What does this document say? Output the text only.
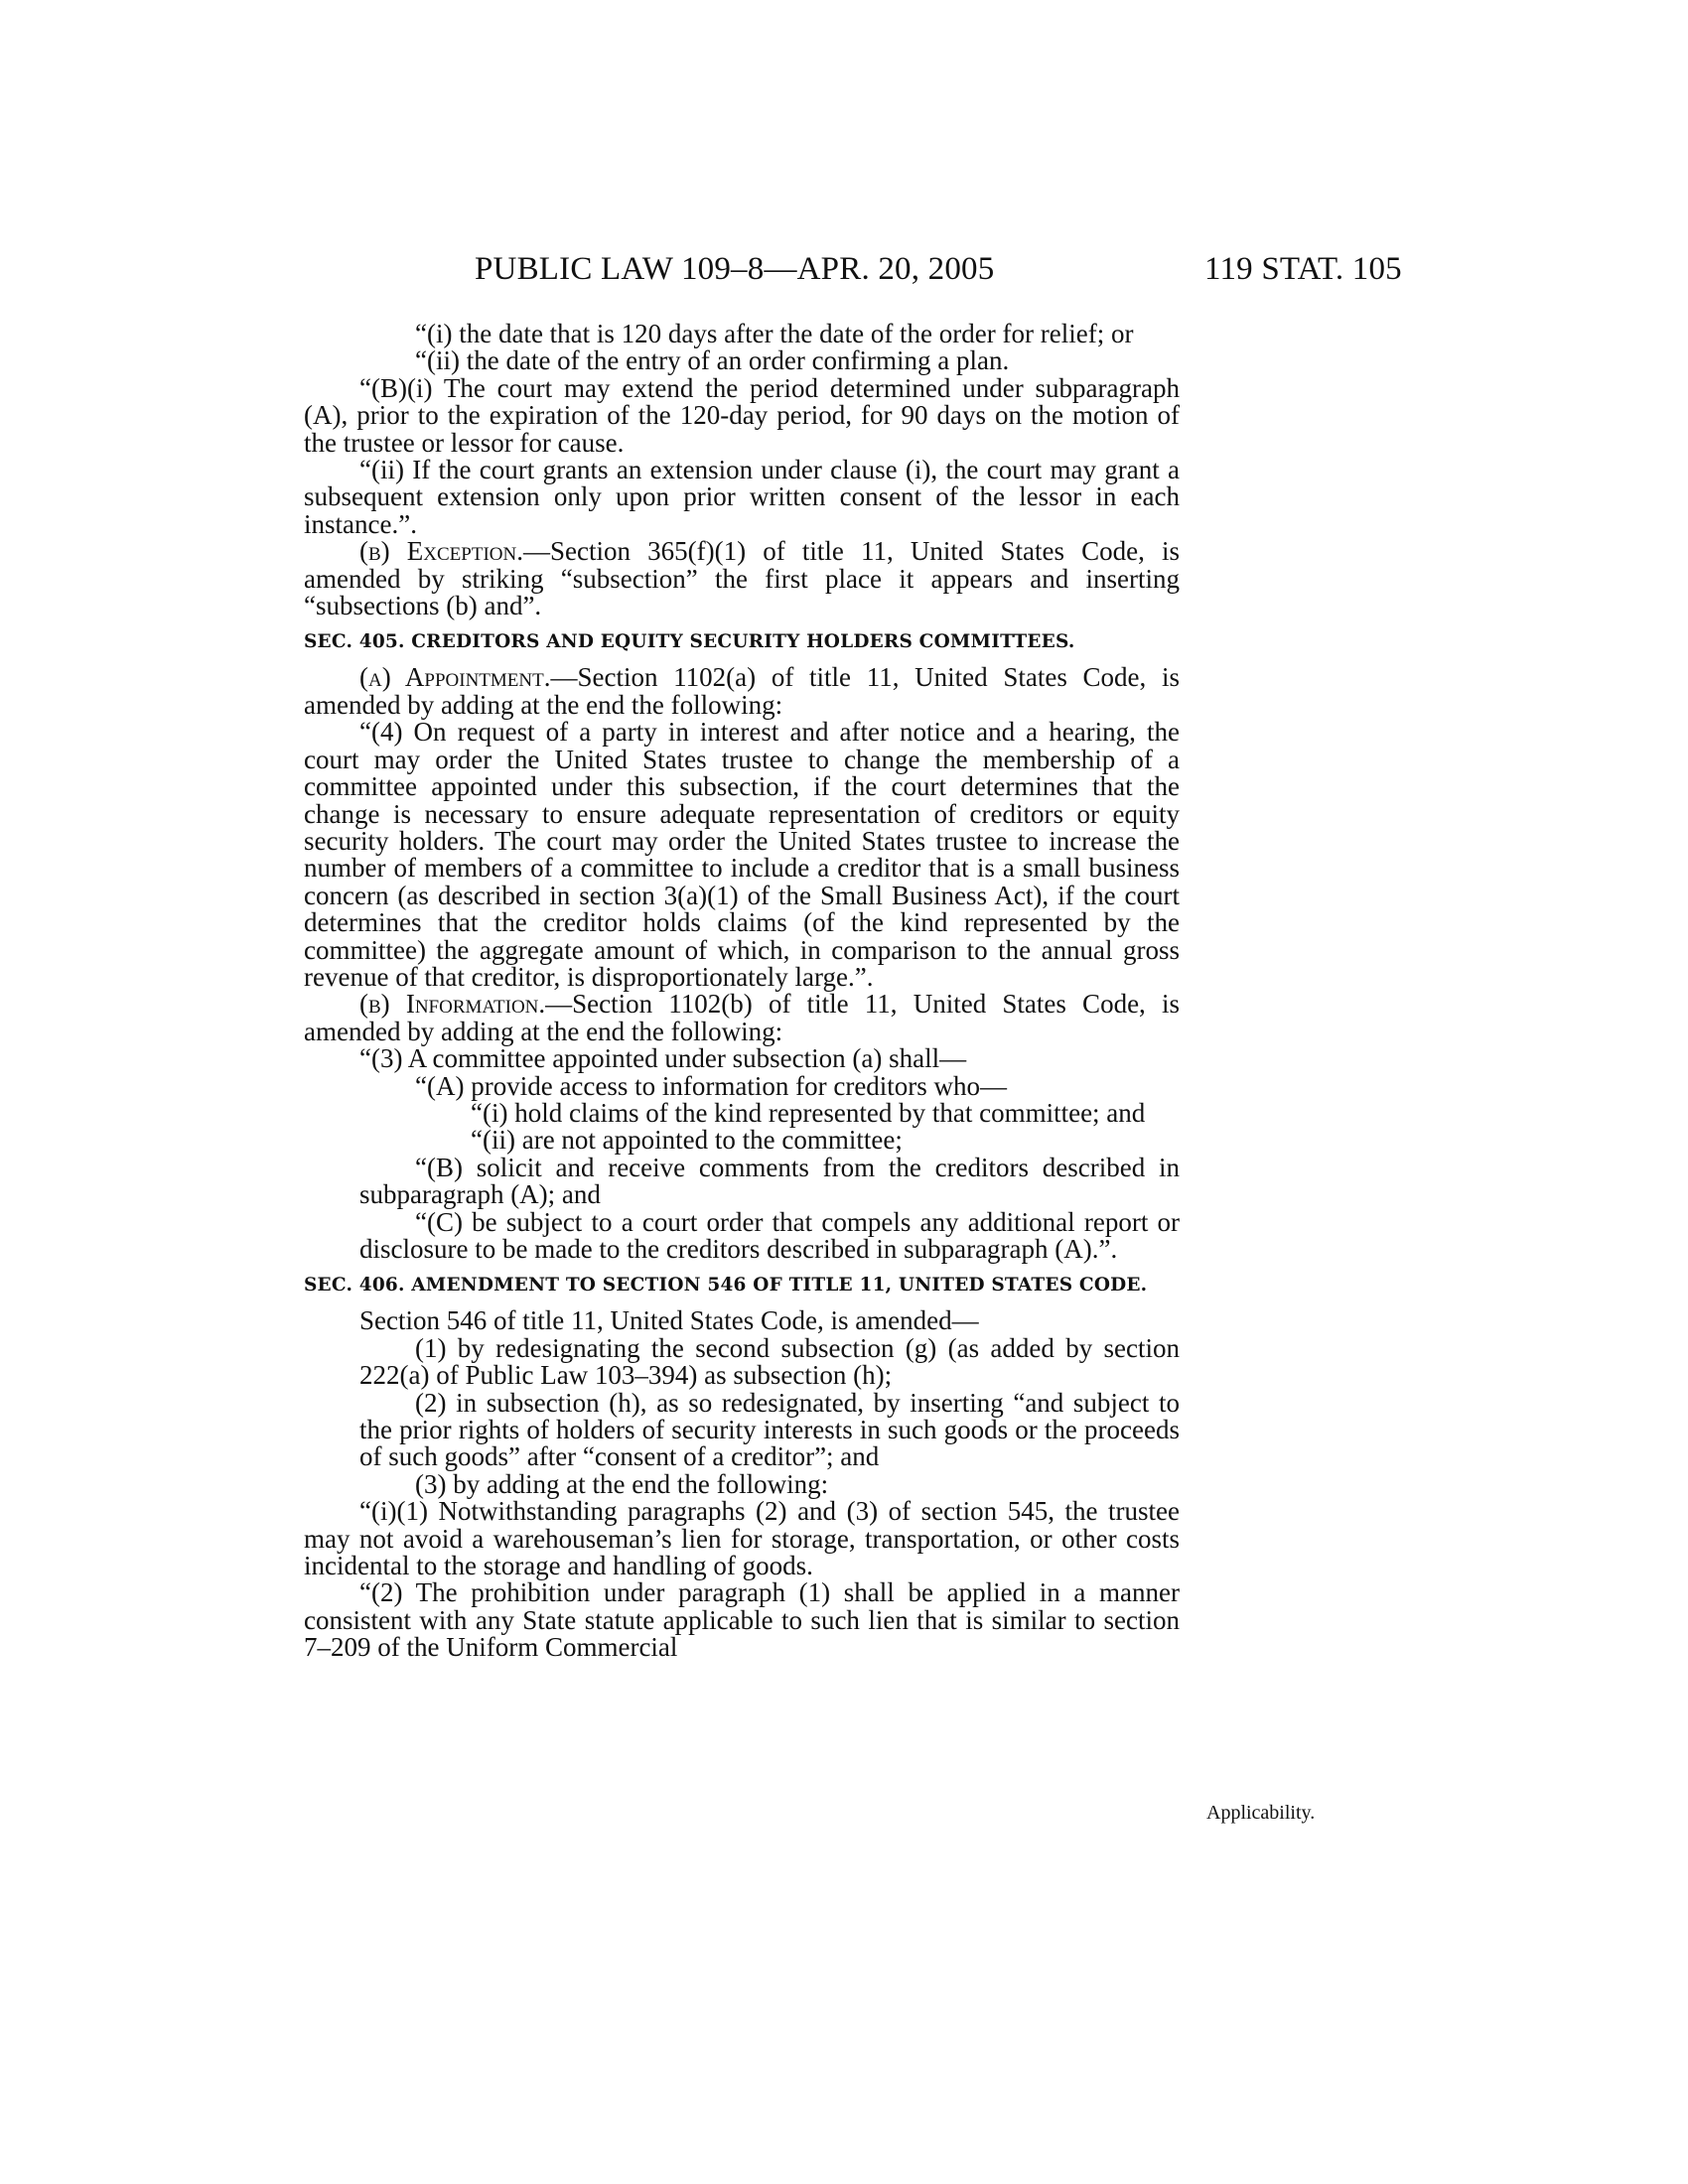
PUBLIC LAW 109–8—APR. 20, 2005	119 STAT. 105

“(i) the date that is 120 days after the date of the order for relief; or

“(ii) the date of the entry of an order confirming a plan.

“(B)(i) The court may extend the period determined under subparagraph (A), prior to the expiration of the 120-day period, for 90 days on the motion of the trustee or lessor for cause.

“(ii) If the court grants an extension under clause (i), the court may grant a subsequent extension only upon prior written consent of the lessor in each instance.”.

(b) Exception.—Section 365(f)(1) of title 11, United States Code, is amended by striking “subsection” the first place it appears and inserting “subsections (b) and”.

SEC. 405. CREDITORS AND EQUITY SECURITY HOLDERS COMMITTEES.

(a) Appointment.—Section 1102(a) of title 11, United States Code, is amended by adding at the end the following:

“(4) On request of a party in interest and after notice and a hearing, the court may order the United States trustee to change the membership of a committee appointed under this subsection, if the court determines that the change is necessary to ensure adequate representation of creditors or equity security holders. The court may order the United States trustee to increase the number of members of a committee to include a creditor that is a small business concern (as described in section 3(a)(1) of the Small Business Act), if the court determines that the creditor holds claims (of the kind represented by the committee) the aggregate amount of which, in comparison to the annual gross revenue of that creditor, is disproportionately large.”.

(b) Information.—Section 1102(b) of title 11, United States Code, is amended by adding at the end the following:

“(3) A committee appointed under subsection (a) shall—

“(A) provide access to information for creditors who—

“(i) hold claims of the kind represented by that committee; and

“(ii) are not appointed to the committee;

“(B) solicit and receive comments from the creditors described in subparagraph (A); and

“(C) be subject to a court order that compels any additional report or disclosure to be made to the creditors described in subparagraph (A).”.

SEC. 406. AMENDMENT TO SECTION 546 OF TITLE 11, UNITED STATES CODE.

Section 546 of title 11, United States Code, is amended—

(1) by redesignating the second subsection (g) (as added by section 222(a) of Public Law 103–394) as subsection (h);

(2) in subsection (h), as so redesignated, by inserting “and subject to the prior rights of holders of security interests in such goods or the proceeds of such goods” after “consent of a creditor”; and

(3) by adding at the end the following:

“(i)(1) Notwithstanding paragraphs (2) and (3) of section 545, the trustee may not avoid a warehouseman’s lien for storage, transportation, or other costs incidental to the storage and handling of goods.

“(2) The prohibition under paragraph (1) shall be applied in a manner consistent with any State statute applicable to such lien that is similar to section 7–209 of the Uniform Commercial

Applicability.
